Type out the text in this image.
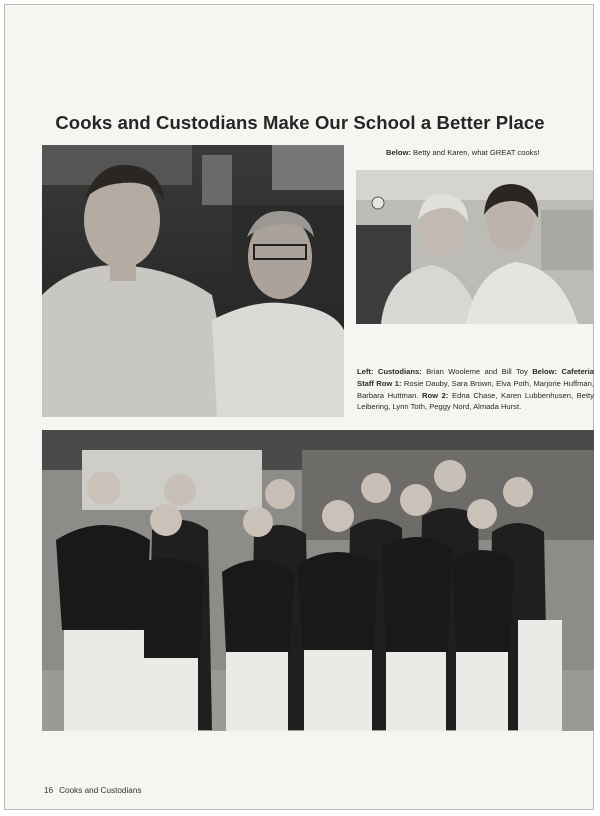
Cooks and Custodians Make Our School a Better Place
Below: Betty and Karen, what GREAT cooks!
Left: Custodians: Brian Wooleme and Bill Toy Below: Cafeteria Staff Row 1: Rosie Dauby, Sara Brown, Elva Poth, Marjorie Huffman, Barbara Huttman. Row 2: Edna Chase, Karen Lubbenhusen, Betty Leibering, Lynn Toth, Peggy Nord, Almada Hurst.
16 Cooks and Custodians
